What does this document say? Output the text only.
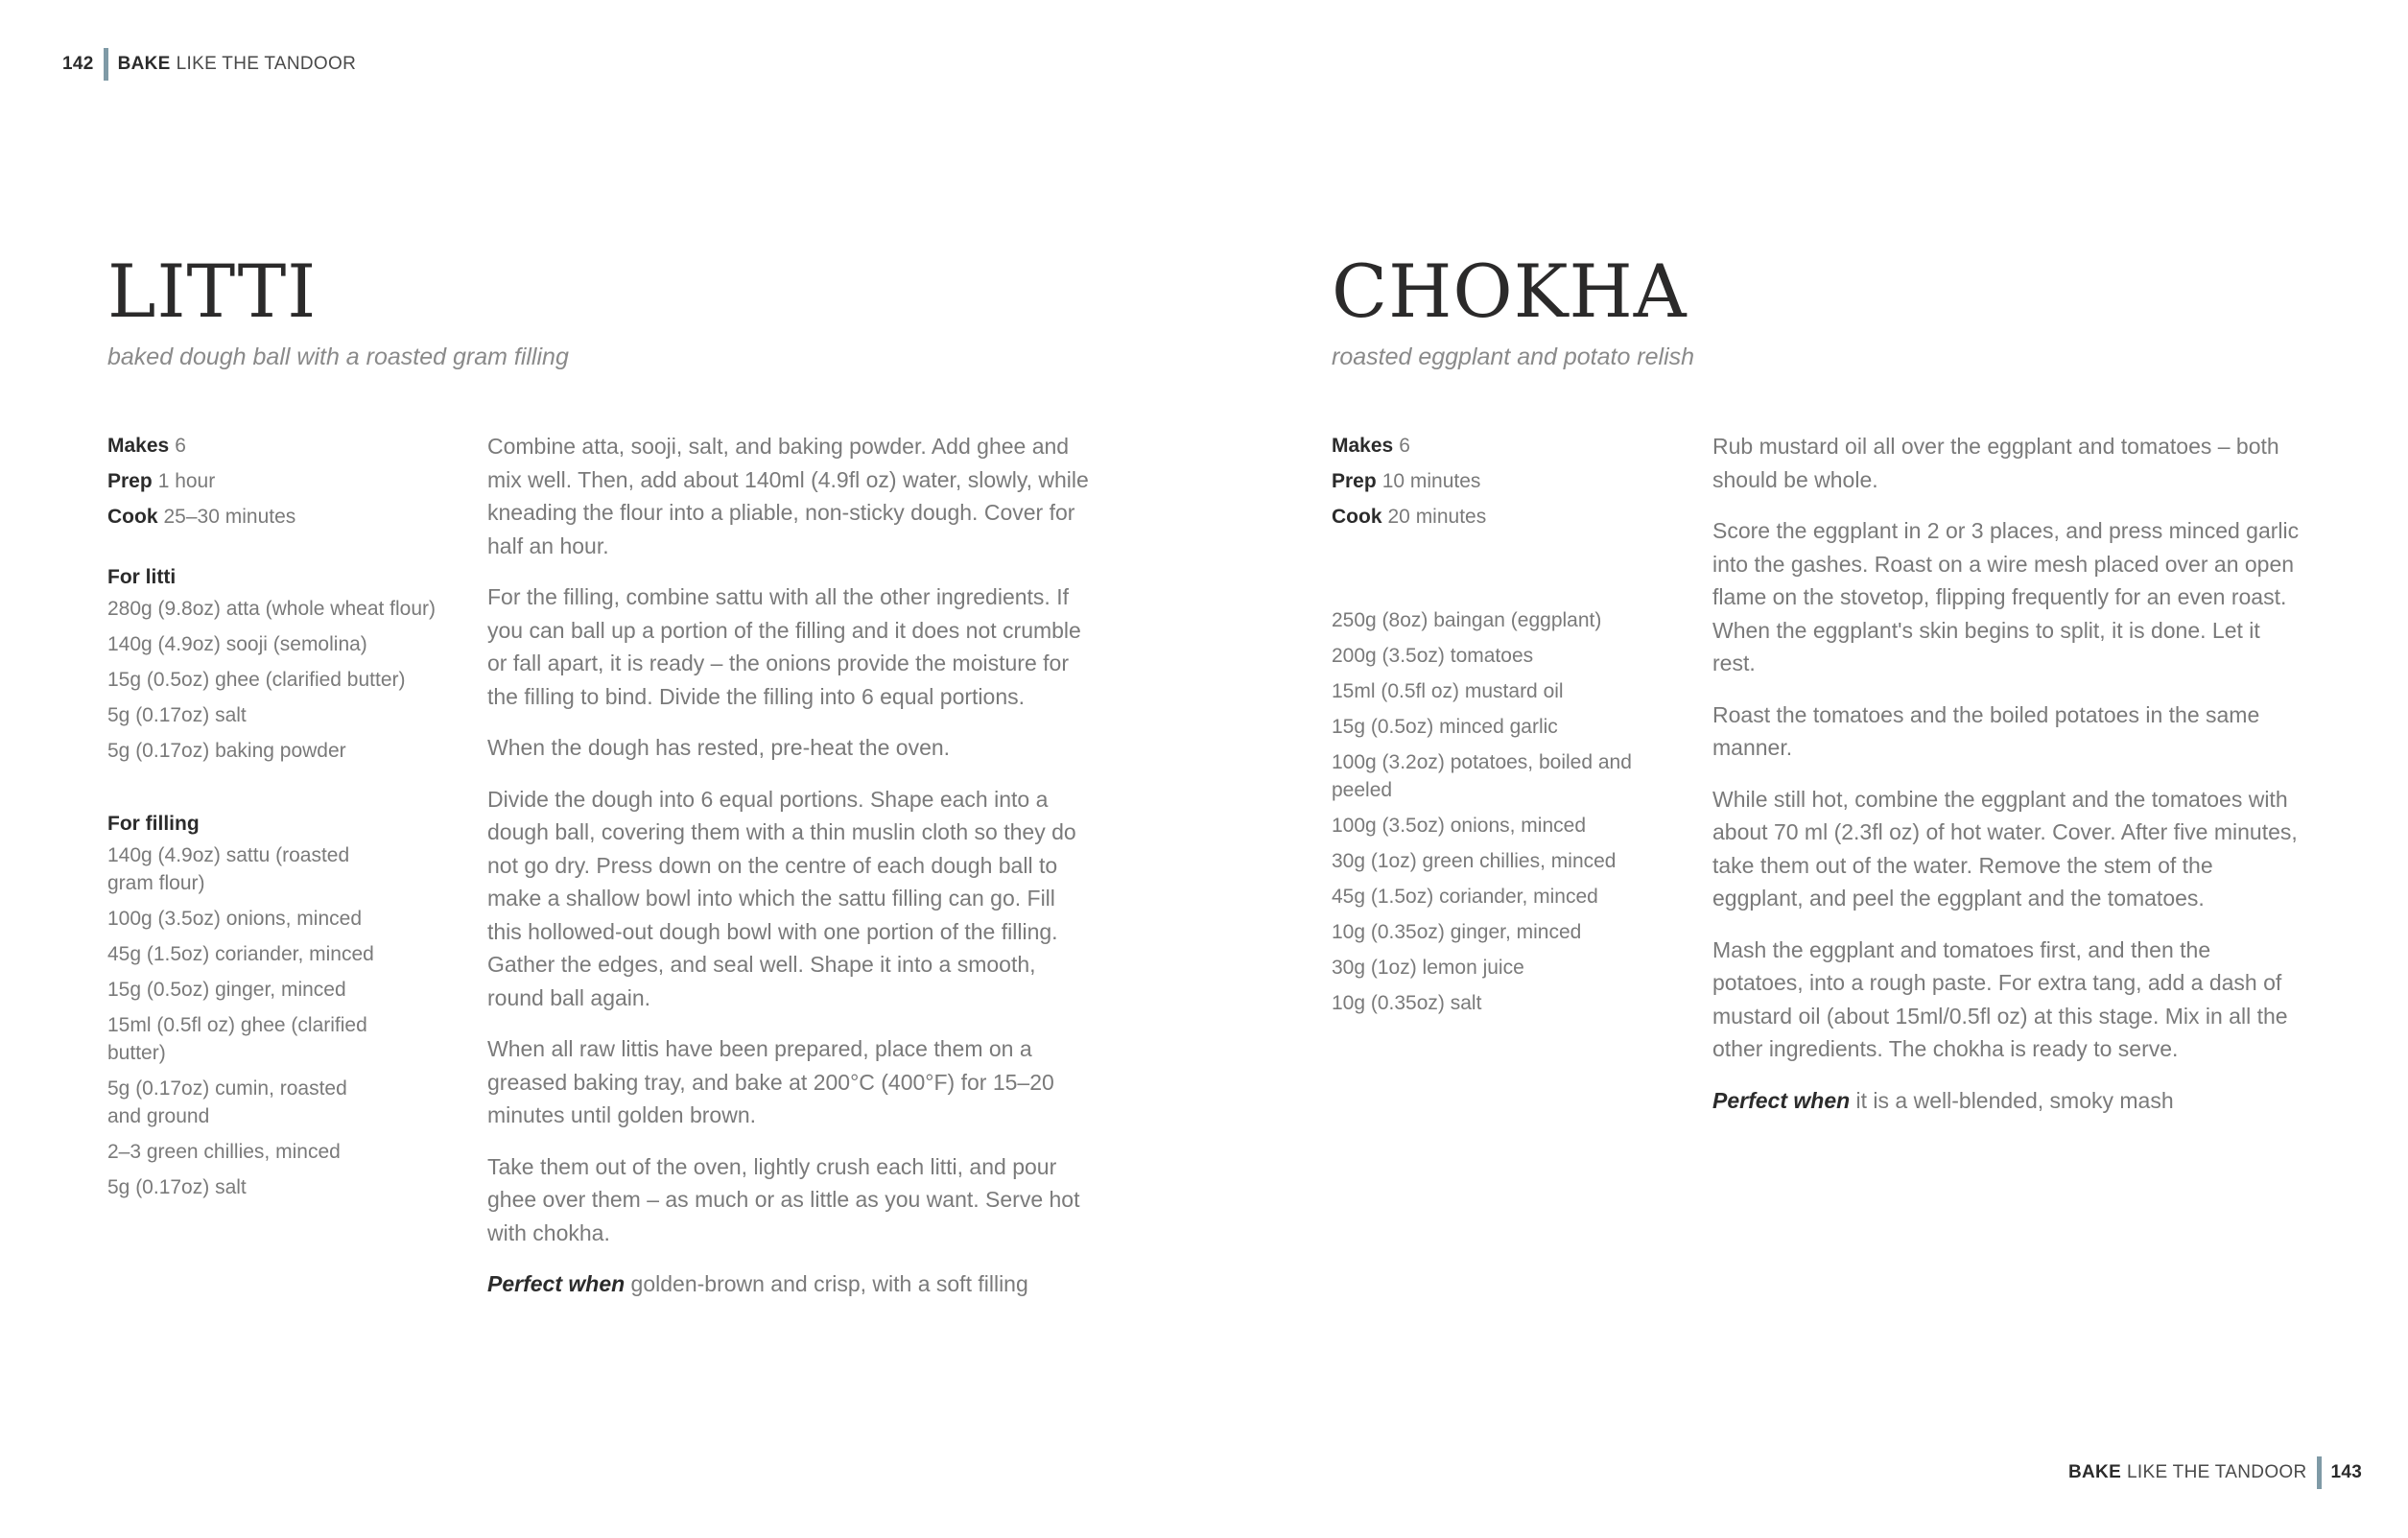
142 BAKE LIKE THE TANDOOR
LITTI
baked dough ball with a roasted gram filling
Makes 6
Prep 1 hour
Cook 25–30 minutes
For litti
280g (9.8oz) atta (whole wheat flour)
140g (4.9oz) sooji (semolina)
15g (0.5oz) ghee (clarified butter)
5g (0.17oz) salt
5g (0.17oz) baking powder
For filling
140g (4.9oz) sattu (roasted gram flour)
100g (3.5oz) onions, minced
45g (1.5oz) coriander, minced
15g (0.5oz) ginger, minced
15ml (0.5fl oz) ghee (clarified butter)
5g (0.17oz) cumin, roasted and ground
2–3 green chillies, minced
5g (0.17oz) salt

Combine atta, sooji, salt, and baking powder. Add ghee and mix well. Then, add about 140ml (4.9fl oz) water, slowly, while kneading the flour into a pliable, non-sticky dough. Cover for half an hour.

For the filling, combine sattu with all the other ingredients. If you can ball up a portion of the filling and it does not crumble or fall apart, it is ready – the onions provide the moisture for the filling to bind. Divide the filling into 6 equal portions.

When the dough has rested, pre-heat the oven.

Divide the dough into 6 equal portions. Shape each into a dough ball, covering them with a thin muslin cloth so they do not go dry. Press down on the centre of each dough ball to make a shallow bowl into which the sattu filling can go. Fill this hollowed-out dough bowl with one portion of the filling. Gather the edges, and seal well. Shape it into a smooth, round ball again.

When all raw littis have been prepared, place them on a greased baking tray, and bake at 200°C (400°F) for 15–20 minutes until golden brown.

Take them out of the oven, lightly crush each litti, and pour ghee over them – as much or as little as you want. Serve hot with chokha.

Perfect when golden-brown and crisp, with a soft filling

CHOKHA
roasted eggplant and potato relish
Makes 6
Prep 10 minutes
Cook 20 minutes
250g (8oz) baingan (eggplant)
200g (3.5oz) tomatoes
15ml (0.5fl oz) mustard oil
15g (0.5oz) minced garlic
100g (3.2oz) potatoes, boiled and peeled
100g (3.5oz) onions, minced
30g (1oz) green chillies, minced
45g (1.5oz) coriander, minced
10g (0.35oz) ginger, minced
30g (1oz) lemon juice
10g (0.35oz) salt

Rub mustard oil all over the eggplant and tomatoes – both should be whole.

Score the eggplant in 2 or 3 places, and press minced garlic into the gashes. Roast on a wire mesh placed over an open flame on the stovetop, flipping frequently for an even roast. When the eggplant's skin begins to split, it is done. Let it rest.

Roast the tomatoes and the boiled potatoes in the same manner.

While still hot, combine the eggplant and the tomatoes with about 70 ml (2.3fl oz) of hot water. Cover. After five minutes, take them out of the water. Remove the stem of the eggplant, and peel the eggplant and the tomatoes.

Mash the eggplant and tomatoes first, and then the potatoes, into a rough paste. For extra tang, add a dash of mustard oil (about 15ml/0.5fl oz) at this stage. Mix in all the other ingredients. The chokha is ready to serve.

Perfect when it is a well-blended, smoky mash

BAKE LIKE THE TANDOOR 143
